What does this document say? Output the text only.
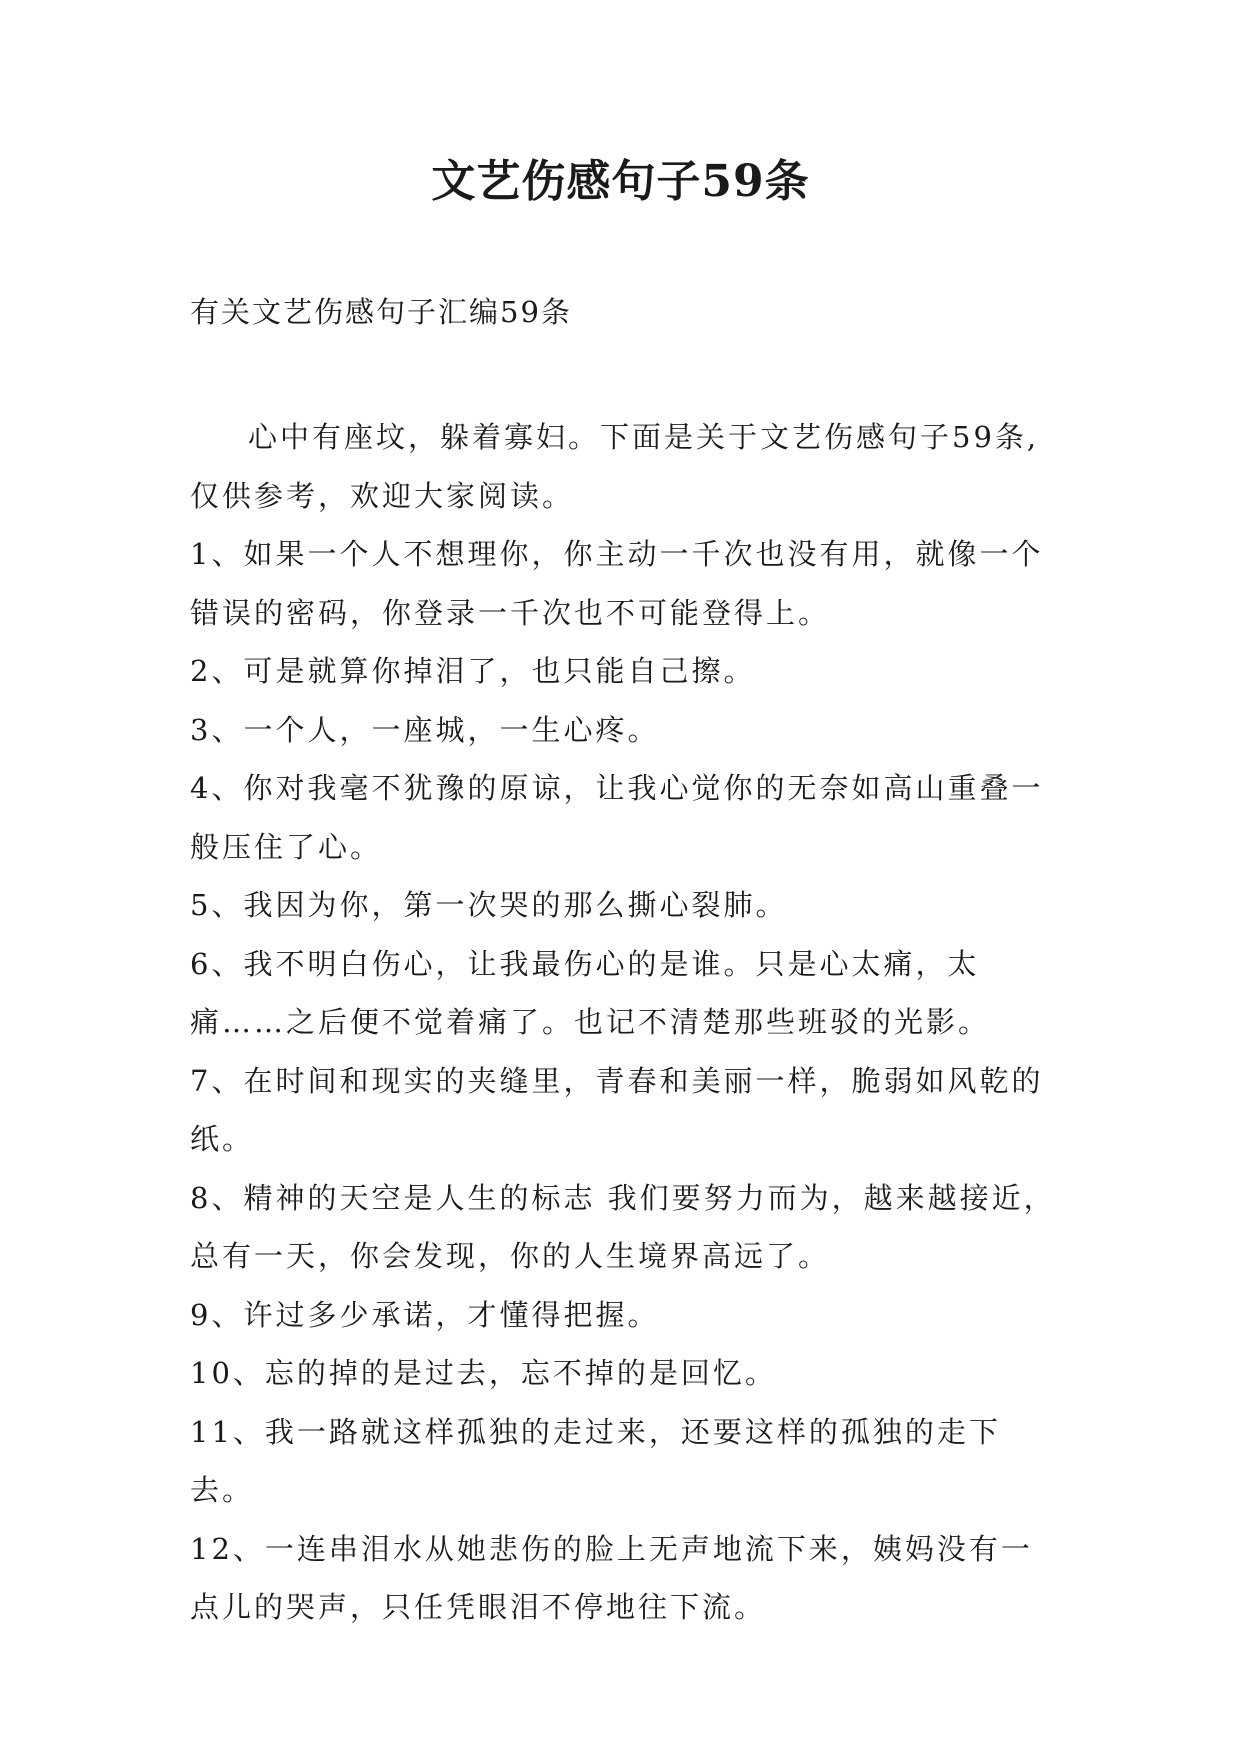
文艺伤感句子59条
有关文艺伤感句子汇编59条

心中有座坟，躲着寡妇。下面是关于文艺伤感句子59条,仅供参考，欢迎大家阅读。

1、如果一个人不想理你，你主动一千次也没有用，就像一个错误的密码，你登录一千次也不可能登得上。

2、可是就算你掉泪了，也只能自己擦。

3、一个人，一座城，一生心疼。

4、你对我毫不犹豫的原谅，让我心觉你的无奈如高山重叠一般压住了心。

5、我因为你，第一次哭的那么撕心裂肺。

6、我不明白伤心，让我最伤心的是谁。只是心太痛，太痛……之后便不觉着痛了。也记不清楚那些班驳的光影。

7、在时间和现实的夹缝里，青春和美丽一样，脆弱如风乾的纸。

8、精神的天空是人生的标志 我们要努力而为，越来越接近，总有一天，你会发现，你的人生境界高远了。

9、许过多少承诺，才懂得把握。

10、忘的掉的是过去，忘不掉的是回忆。

11、我一路就这样孤独的走过来，还要这样的孤独的走下去。

12、一连串泪水从她悲伤的脸上无声地流下来，姨妈没有一点儿的哭声，只任凭眼泪不停地往下流。
